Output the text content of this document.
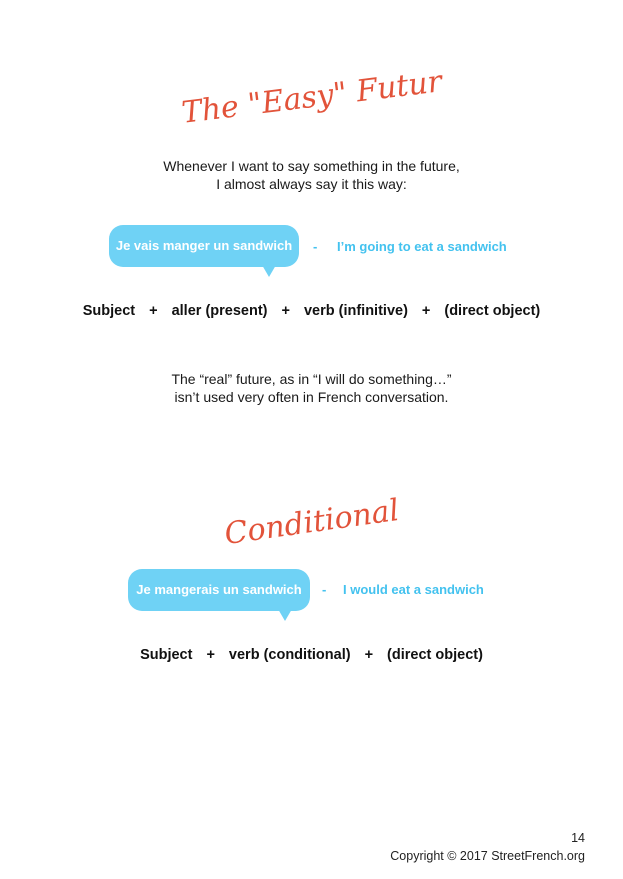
The "Easy" Futur
Whenever I want to say something in the future,
I almost always say it this way:
Je vais manger un sandwich	- I’m going to eat a sandwich
Subject + aller (present) + verb (infinitive) + (direct object)
The “real” future, as in “I will do something…”
isn’t used very often in French conversation.
Conditional
Je mangerais un sandwich	- I would eat a sandwich
Subject + verb (conditional) + (direct object)
14
Copyright © 2017 StreetFrench.org
